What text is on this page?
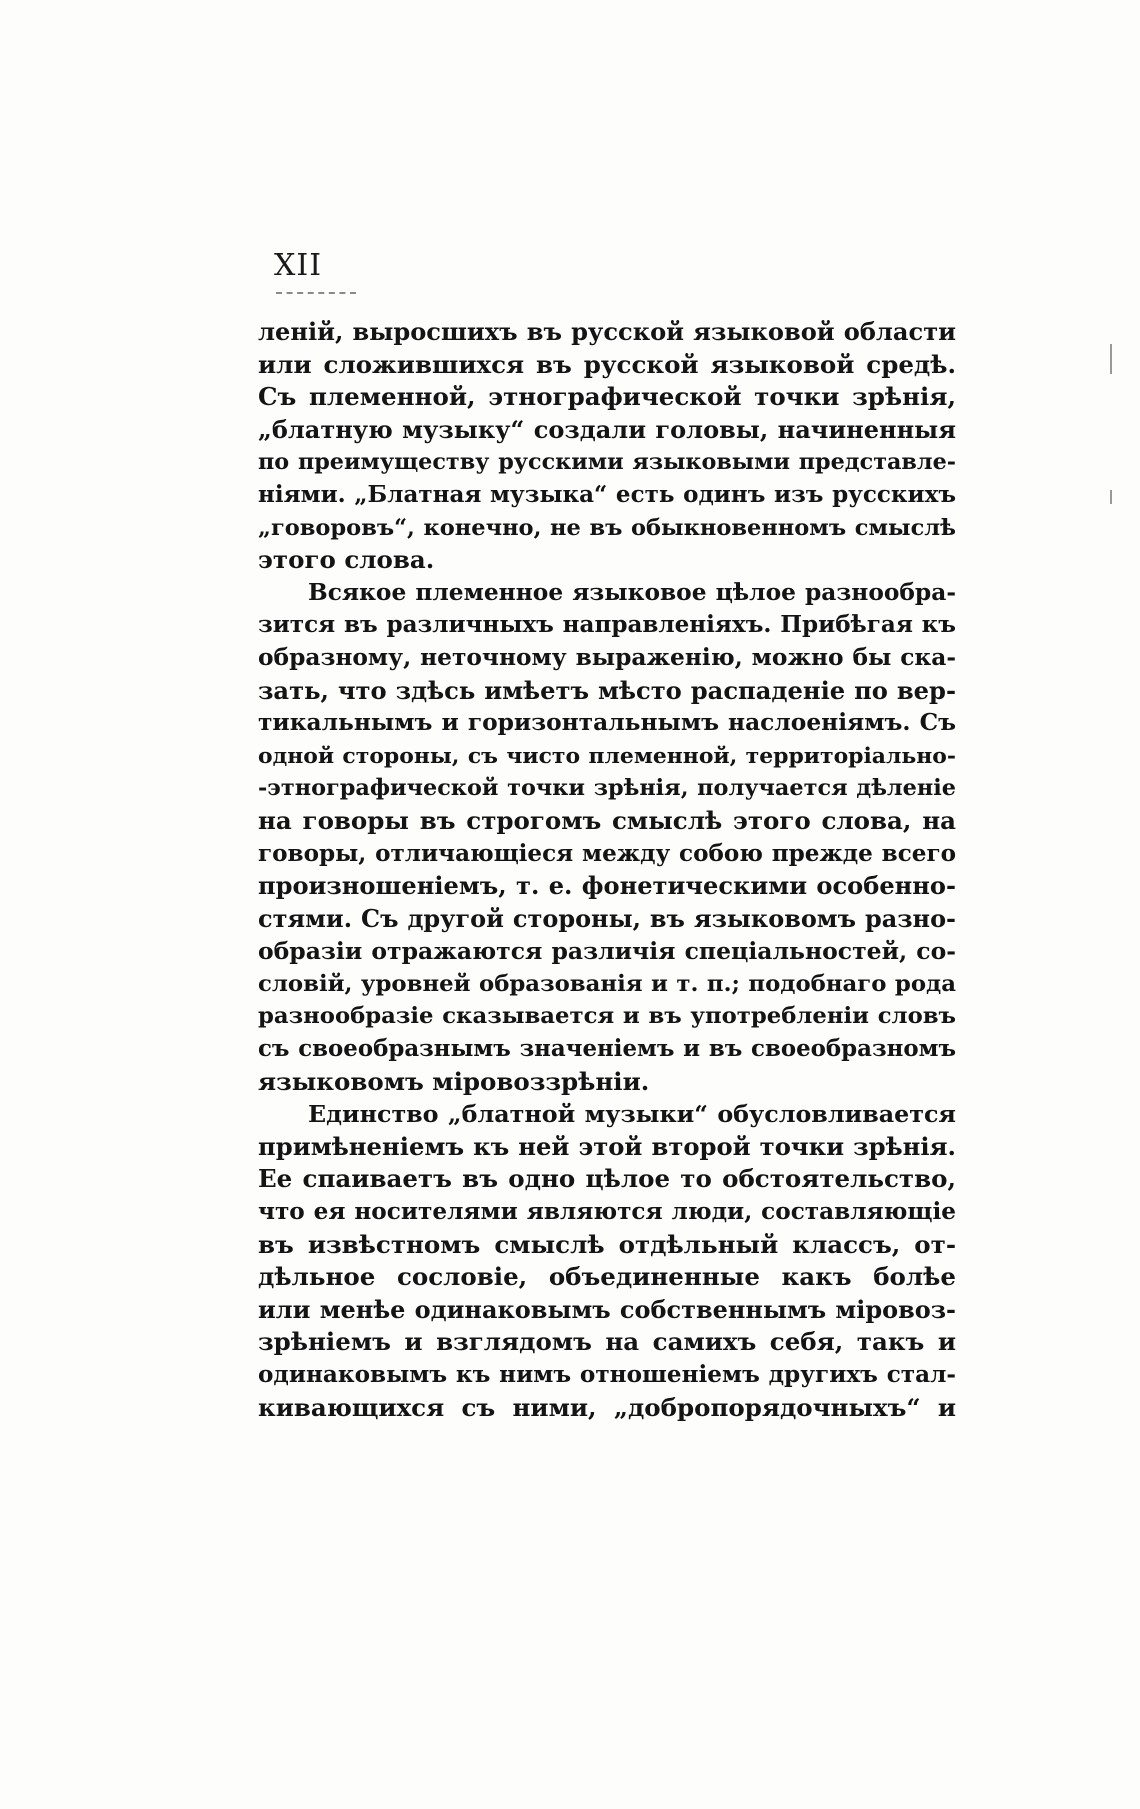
XII
леній, выросшихъ въ русской языковой области
или сложившихся въ русской языковой средѣ.
Съ племенной, этнографической точки зрѣнія,
„блатную музыку“ создали головы, начиненныя
по преимуществу русскими языковыми представле-
ніями. „Блатная музыка“ есть одинъ изъ русскихъ
„говоровъ“, конечно, не въ обыкновенномъ смыслѣ
этого слова.
Всякое племенное языковое цѣлое разнообра-
зится въ различныхъ направленіяхъ. Прибѣгая къ
образному, неточному выраженію, можно бы ска-
зать, что здѣсь имѣетъ мѣсто распаденіе по вер-
тикальнымъ и горизонтальнымъ наслоеніямъ. Съ
одной стороны, съ чисто племенной, территоріально-
-этнографической точки зрѣнія, получается дѣленіе
на говоры въ строгомъ смыслѣ этого слова, на
говоры, отличающіеся между собою прежде всего
произношеніемъ, т. е. фонетическими особенно-
стями. Съ другой стороны, въ языковомъ разно-
образіи отражаются различія спеціальностей, со-
словій, уровней образованія и т. п.; подобнаго рода
разнообразіе сказывается и въ употребленіи словъ
съ своеобразнымъ значеніемъ и въ своеобразномъ
языковомъ міровоззрѣніи.
Единство „блатной музыки“ обусловливается
примѣненіемъ къ ней этой второй точки зрѣнія.
Ее спаиваетъ въ одно цѣлое то обстоятельство,
что ея носителями являются люди, составляющіе
въ извѣстномъ смыслѣ отдѣльный классъ, от-
дѣльное сословіе, объединенные какъ болѣе
или менѣе одинаковымъ собственнымъ міровоз-
зрѣніемъ и взглядомъ на самихъ себя, такъ и
одинаковымъ къ нимъ отношеніемъ другихъ стал-
кивающихся съ ними, „добропорядочныхъ“ и
